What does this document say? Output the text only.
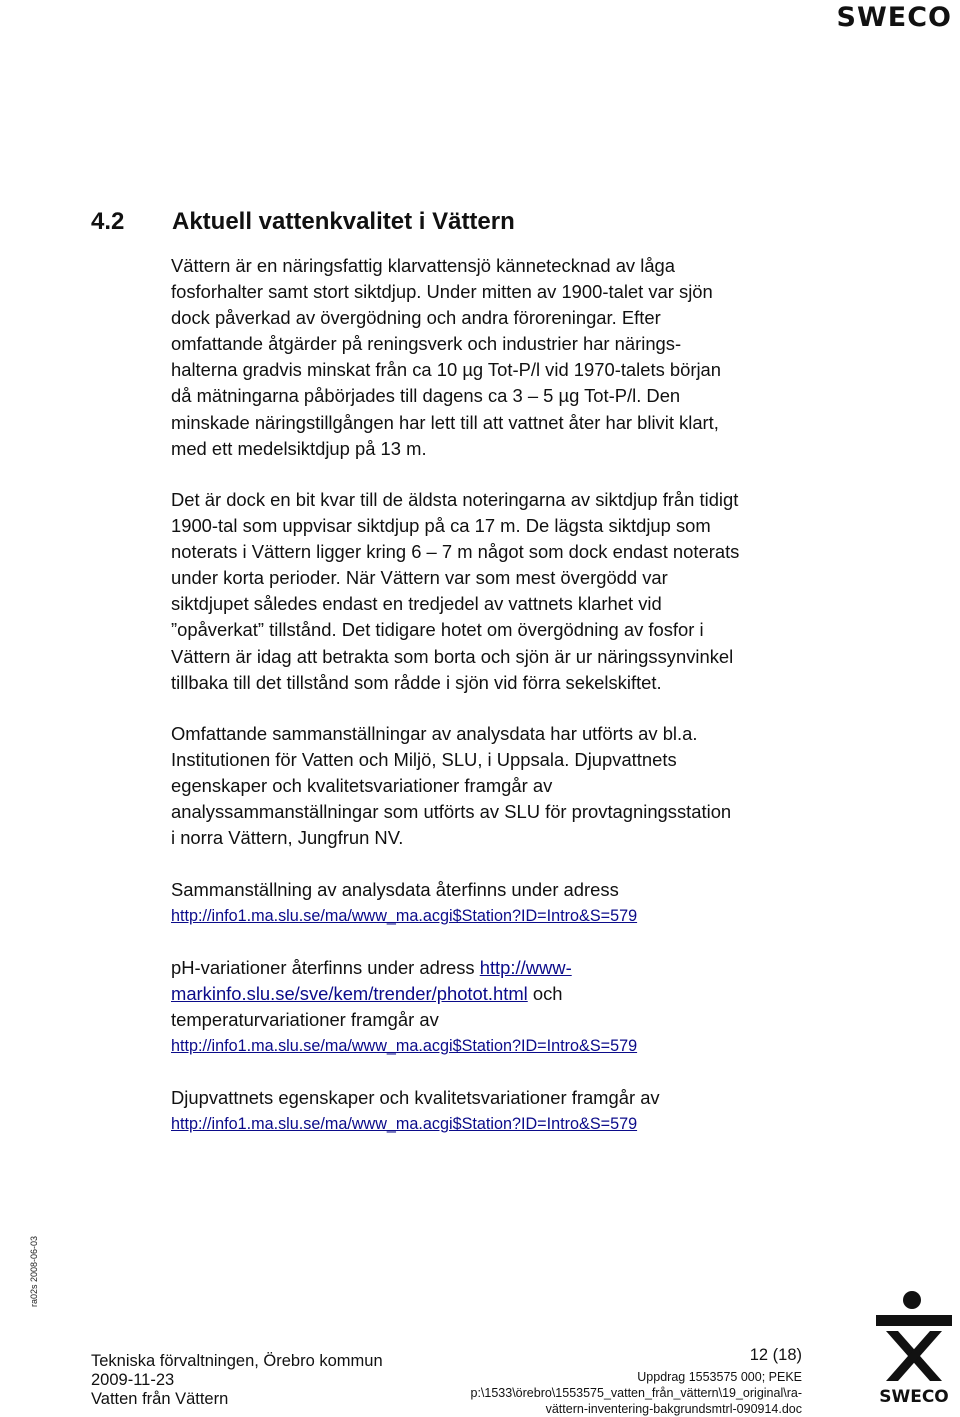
SWECO
4.2 Aktuell vattenkvalitet i Vättern

Vättern är en näringsfattig klarvattensjö kännetecknad av låga
fosforhalter samt stort siktdjup. Under mitten av 1900-talet var sjön
dock påverkad av övergödning och andra föroreningar. Efter
omfattande åtgärder på reningsverk och industrier har närings-
halterna gradvis minskat från ca 10 µg Tot-P/l vid 1970-talets början
då mätningarna påbörjades till dagens ca 3 – 5 µg Tot-P/l. Den
minskade näringstillgången har lett till att vattnet åter har blivit klart,
med ett medelsiktdjup på 13 m.

Det är dock en bit kvar till de äldsta noteringarna av siktdjup från tidigt
1900-tal som uppvisar siktdjup på ca 17 m. De lägsta siktdjup som
noterats i Vättern ligger kring 6 – 7 m något som dock endast noterats
under korta perioder. När Vättern var som mest övergödd var
siktdjupet således endast en tredjedel av vattnets klarhet vid
”opåverkat” tillstånd. Det tidigare hotet om övergödning av fosfor i
Vättern är idag att betrakta som borta och sjön är ur näringssynvinkel
tillbaka till det tillstånd som rådde i sjön vid förra sekelskiftet.

Omfattande sammanställningar av analysdata har utförts av bl.a.
Institutionen för Vatten och Miljö, SLU, i Uppsala. Djupvattnets
egenskaper och kvalitetsvariationer framgår av
analyssammanställningar som utförts av SLU för provtagningsstation
i norra Vättern, Jungfrun NV.

Sammanställning av analysdata återfinns under adress
http://info1.ma.slu.se/ma/www_ma.acgi$Station?ID=Intro&S=579

pH-variationer återfinns under adress http://www-
markinfo.slu.se/sve/kem/trender/photot.html och
temperaturvariationer framgår av
http://info1.ma.slu.se/ma/www_ma.acgi$Station?ID=Intro&S=579

Djupvattnets egenskaper och kvalitetsvariationer framgår av
http://info1.ma.slu.se/ma/www_ma.acgi$Station?ID=Intro&S=579

ra02s 2008-06-03
Tekniska förvaltningen, Örebro kommun
2009-11-23
Vatten från Vättern
12 (18)
Uppdrag 1553575 000; PEKE
p:\1533\örebro\1553575_vatten_från_vättern\19_original\ra-
vättern-inventering-bakgrundsmtrl-090914.doc
SWECO
